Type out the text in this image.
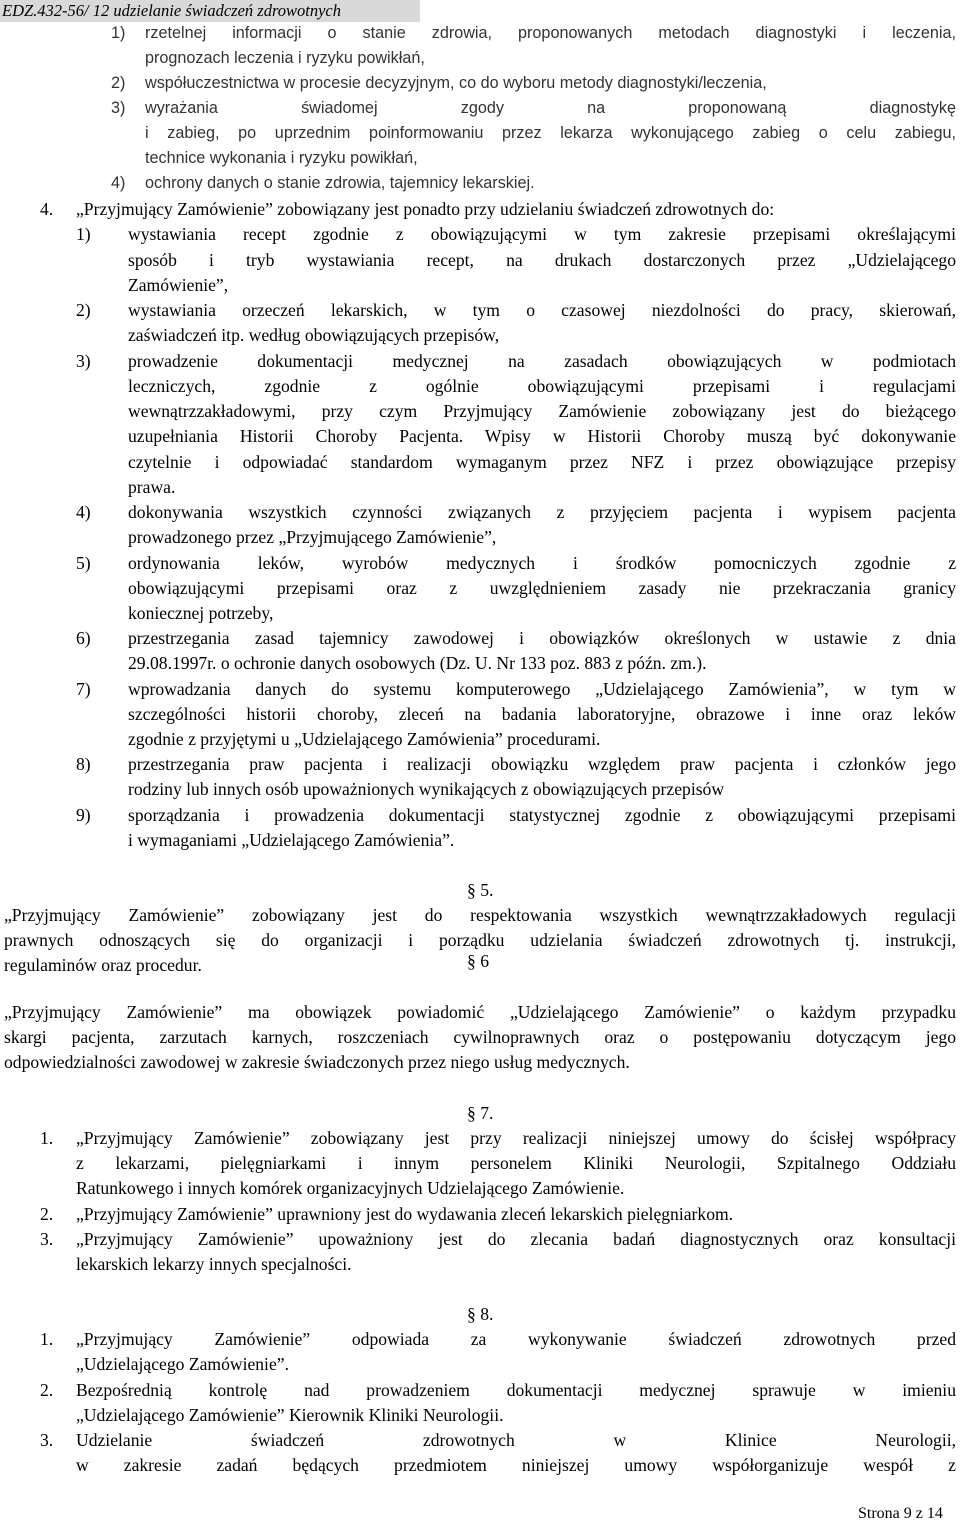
EDZ.432-56/ 12 udzielanie świadczeń zdrowotnych
1) rzetelnej informacji o stanie zdrowia, proponowanych metodach diagnostyki i leczenia,
prognozach leczenia i ryzyku powikłań,
2) współuczestnictwa w procesie decyzyjnym, co do wyboru metody diagnostyki/leczenia,
3) wyrażania świadomej zgody na proponowaną diagnostykę
i zabieg, po uprzednim poinformowaniu przez lekarza wykonującego zabieg o celu zabiegu,
technice wykonania i ryzyku powikłań,
4) ochrony danych o stanie zdrowia, tajemnicy lekarskiej.
4. „Przyjmujący Zamówienie” zobowiązany jest ponadto przy udzielaniu świadczeń zdrowotnych do:
1) wystawiania recept zgodnie z obowiązującymi w tym zakresie przepisami określającymi
sposób i tryb wystawiania recept, na drukach dostarczonych przez „Udzielającego
Zamówienie”,
2) wystawiania orzeczeń lekarskich, w tym o czasowej niezdolności do pracy, skierowań,
zaświadczeń itp. według obowiązujących przepisów,
3) prowadzenie dokumentacji medycznej na zasadach obowiązujących w podmiotach
leczniczych, zgodnie z ogólnie obowiązującymi przepisami i regulacjami
wewnątrzzakładowymi, przy czym Przyjmujący Zamówienie zobowiązany jest do bieżącego
uzupełniania Historii Choroby Pacjenta. Wpisy w Historii Choroby muszą być dokonywanie
czytelnie i odpowiadać standardom wymaganym przez NFZ i przez obowiązujące przepisy
prawa.
4) dokonywania wszystkich czynności związanych z przyjęciem pacjenta i wypisem pacjenta
prowadzonego przez „Przyjmującego Zamówienie”,
5) ordynowania leków, wyrobów medycznych i środków pomocniczych zgodnie z
obowiązującymi przepisami oraz z uwzględnieniem zasady nie przekraczania granicy
koniecznej potrzeby,
6) przestrzegania zasad tajemnicy zawodowej i obowiązków określonych w ustawie z dnia
29.08.1997r. o ochronie danych osobowych (Dz. U. Nr 133 poz. 883 z późn. zm.).
7) wprowadzania danych do systemu komputerowego „Udzielającego Zamówienia”, w tym w
szczególności historii choroby, zleceń na badania laboratoryjne, obrazowe i inne oraz leków
zgodnie z przyjętymi u „Udzielającego Zamówienia” procedurami.
8) przestrzegania praw pacjenta i realizacji obowiązku względem praw pacjenta i członków jego
rodziny lub innych osób upoważnionych wynikających z obowiązujących przepisów
9) sporządzania i prowadzenia dokumentacji statystycznej zgodnie z obowiązującymi przepisami
i wymaganiami „Udzielającego Zamówienia”.
§ 5.
„Przyjmujący Zamówienie” zobowiązany jest do respektowania wszystkich wewnątrzzakładowych regulacji
prawnych odnoszących się do organizacji i porządku udzielania świadczeń zdrowotnych tj. instrukcji,
regulaminów oraz procedur.	§ 6
„Przyjmujący Zamówienie” ma obowiązek powiadomić „Udzielającego Zamówienie” o każdym przypadku
skargi pacjenta, zarzutach karnych, roszczeniach cywilnoprawnych oraz o postępowaniu dotyczącym jego
odpowiedzialności zawodowej w zakresie świadczonych przez niego usług medycznych.
§ 7.
1. „Przyjmujący Zamówienie” zobowiązany jest przy realizacji niniejszej umowy do ścisłej współpracy
z lekarzami, pielęgniarkami i innym personelem Kliniki Neurologii, Szpitalnego Oddziału
Ratunkowego i innych komórek organizacyjnych Udzielającego Zamówienie.
2. „Przyjmujący Zamówienie” uprawniony jest do wydawania zleceń lekarskich pielęgniarkom.
3. „Przyjmujący Zamówienie” upoważniony jest do zlecania badań diagnostycznych oraz konsultacji
lekarskich lekarzy innych specjalności.
§ 8.
1. „Przyjmujący Zamówienie” odpowiada za wykonywanie świadczeń zdrowotnych przed
„Udzielającego Zamówienie”.
2. Bezpośrednią kontrolę nad prowadzeniem dokumentacji medycznej sprawuje w imieniu
„Udzielającego Zamówienie” Kierownik Kliniki Neurologii.
3. Udzielanie świadczeń zdrowotnych w Klinice Neurologii,
w zakresie zadań będących przedmiotem niniejszej umowy współorganizuje wespół z
Strona 9 z 14
